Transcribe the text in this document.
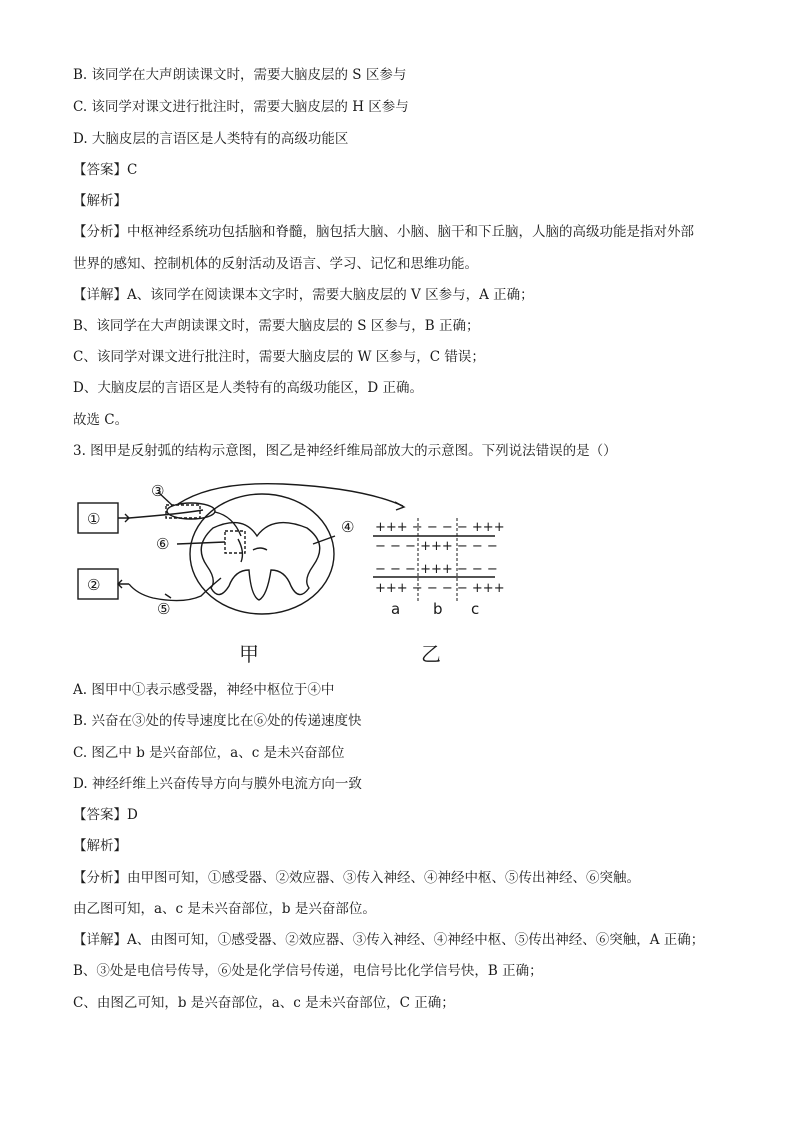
B. 该同学在大声朗读课文时，需要大脑皮层的 S 区参与
C. 该同学对课文进行批注时，需要大脑皮层的 H 区参与
D. 大脑皮层的言语区是人类特有的高级功能区
【答案】C
【解析】
【分析】中枢神经系统功包括脑和脊髓，脑包括大脑、小脑、脑干和下丘脑，人脑的高级功能是指对外部
世界的感知、控制机体的反射活动及语言、学习、记忆和思维功能。
【详解】A、该同学在阅读课本文字时，需要大脑皮层的 V 区参与，A 正确；
B、该同学在大声朗读课文时，需要大脑皮层的 S 区参与，B 正确；
C、该同学对课文进行批注时，需要大脑皮层的 W 区参与，C 错误；
D、大脑皮层的言语区是人类特有的高级功能区，D 正确。
故选 C。
3. 图甲是反射弧的结构示意图，图乙是神经纤维局部放大的示意图。下列说法错误的是（）
①
②
③
④
⑤
⑥
甲	乙
+++ − − − − +++
− − − +++ − − −
− − − +++ − − −
+++ − − − − +++
a b c
A. 图甲中①表示感受器，神经中枢位于④中
B. 兴奋在③处的传导速度比在⑥处的传递速度快
C. 图乙中 b 是兴奋部位，a、c 是未兴奋部位
D. 神经纤维上兴奋传导方向与膜外电流方向一致
【答案】D
【解析】
【分析】由甲图可知，①感受器、②效应器、③传入神经、④神经中枢、⑤传出神经、⑥突触。
由乙图可知，a、c 是未兴奋部位，b 是兴奋部位。
【详解】A、由图可知，①感受器、②效应器、③传入神经、④神经中枢、⑤传出神经、⑥突触，A 正确；
B、③处是电信号传导，⑥处是化学信号传递，电信号比化学信号快，B 正确；
C、由图乙可知，b 是兴奋部位，a、c 是未兴奋部位，C 正确；
